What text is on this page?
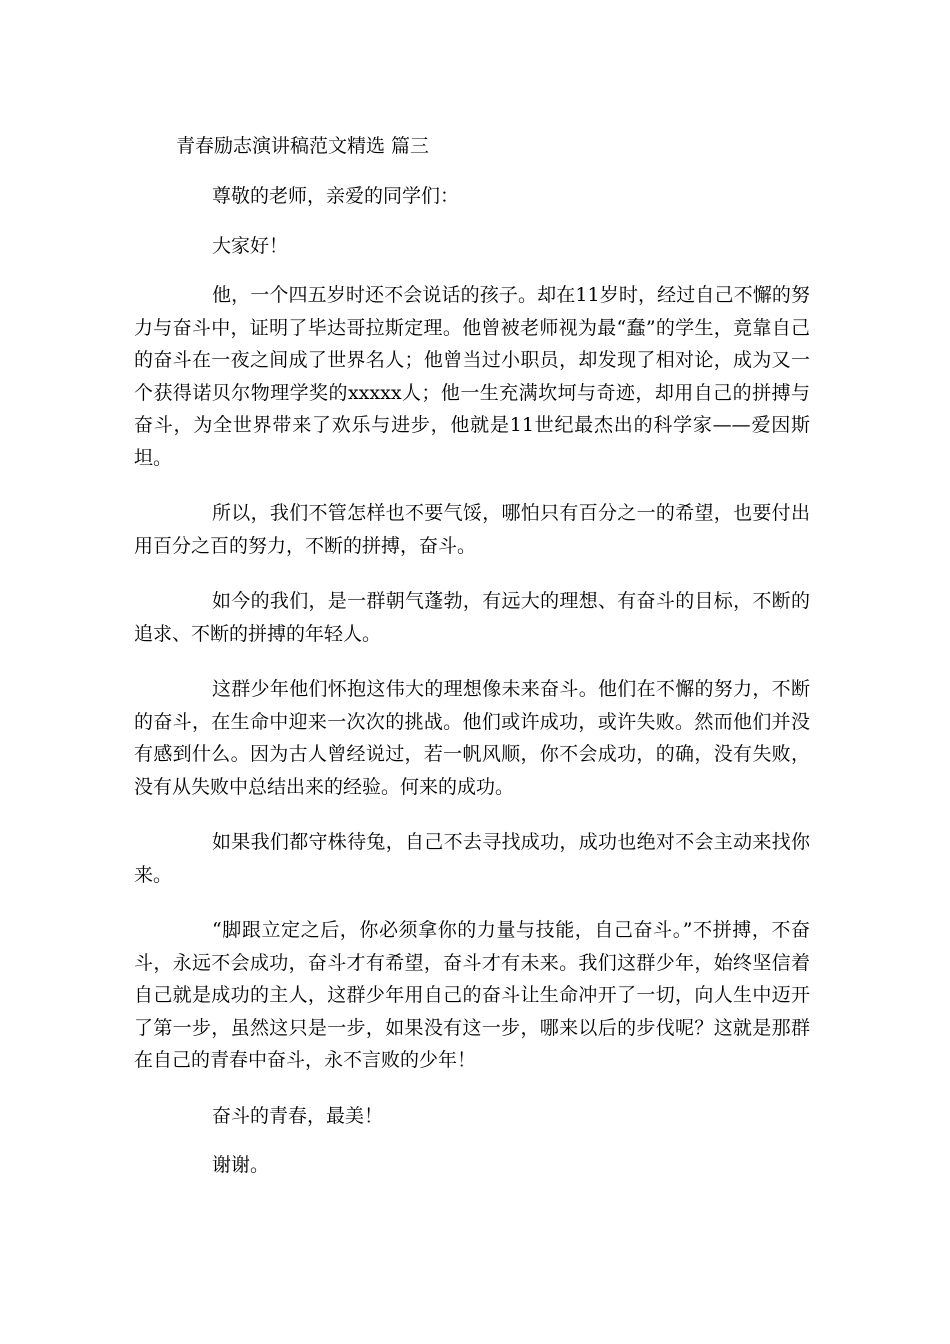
青春励志演讲稿范文精选 篇三

尊敬的老师，亲爱的同学们：

大家好！

他，一个四五岁时还不会说话的孩子。却在11岁时，经过自己不懈的努力与奋斗中，证明了毕达哥拉斯定理。他曾被老师视为最“蠢”的学生，竟靠自己的奋斗在一夜之间成了世界名人；他曾当过小职员，却发现了相对论，成为又一个获得诺贝尔物理学奖的xxxxx人；他一生充满坎坷与奇迹，却用自己的拼搏与奋斗，为全世界带来了欢乐与进步，他就是11世纪最杰出的科学家——爱因斯坦。

所以，我们不管怎样也不要气馁，哪怕只有百分之一的希望，也要付出用百分之百的努力，不断的拼搏，奋斗。

如今的我们，是一群朝气蓬勃，有远大的理想、有奋斗的目标，不断的追求、不断的拼搏的年轻人。

这群少年他们怀抱这伟大的理想像未来奋斗。他们在不懈的努力，不断的奋斗，在生命中迎来一次次的挑战。他们或许成功，或许失败。然而他们并没有感到什么。因为古人曾经说过，若一帆风顺，你不会成功，的确，没有失败，没有从失败中总结出来的经验。何来的成功。

如果我们都守株待兔，自己不去寻找成功，成功也绝对不会主动来找你来。

“脚跟立定之后，你必须拿你的力量与技能，自己奋斗。”不拼搏，不奋斗，永远不会成功，奋斗才有希望，奋斗才有未来。我们这群少年，始终坚信着自己就是成功的主人，这群少年用自己的奋斗让生命冲开了一切，向人生中迈开了第一步，虽然这只是一步，如果没有这一步，哪来以后的步伐呢？这就是那群在自己的青春中奋斗，永不言败的少年！

奋斗的青春，最美！

谢谢。
